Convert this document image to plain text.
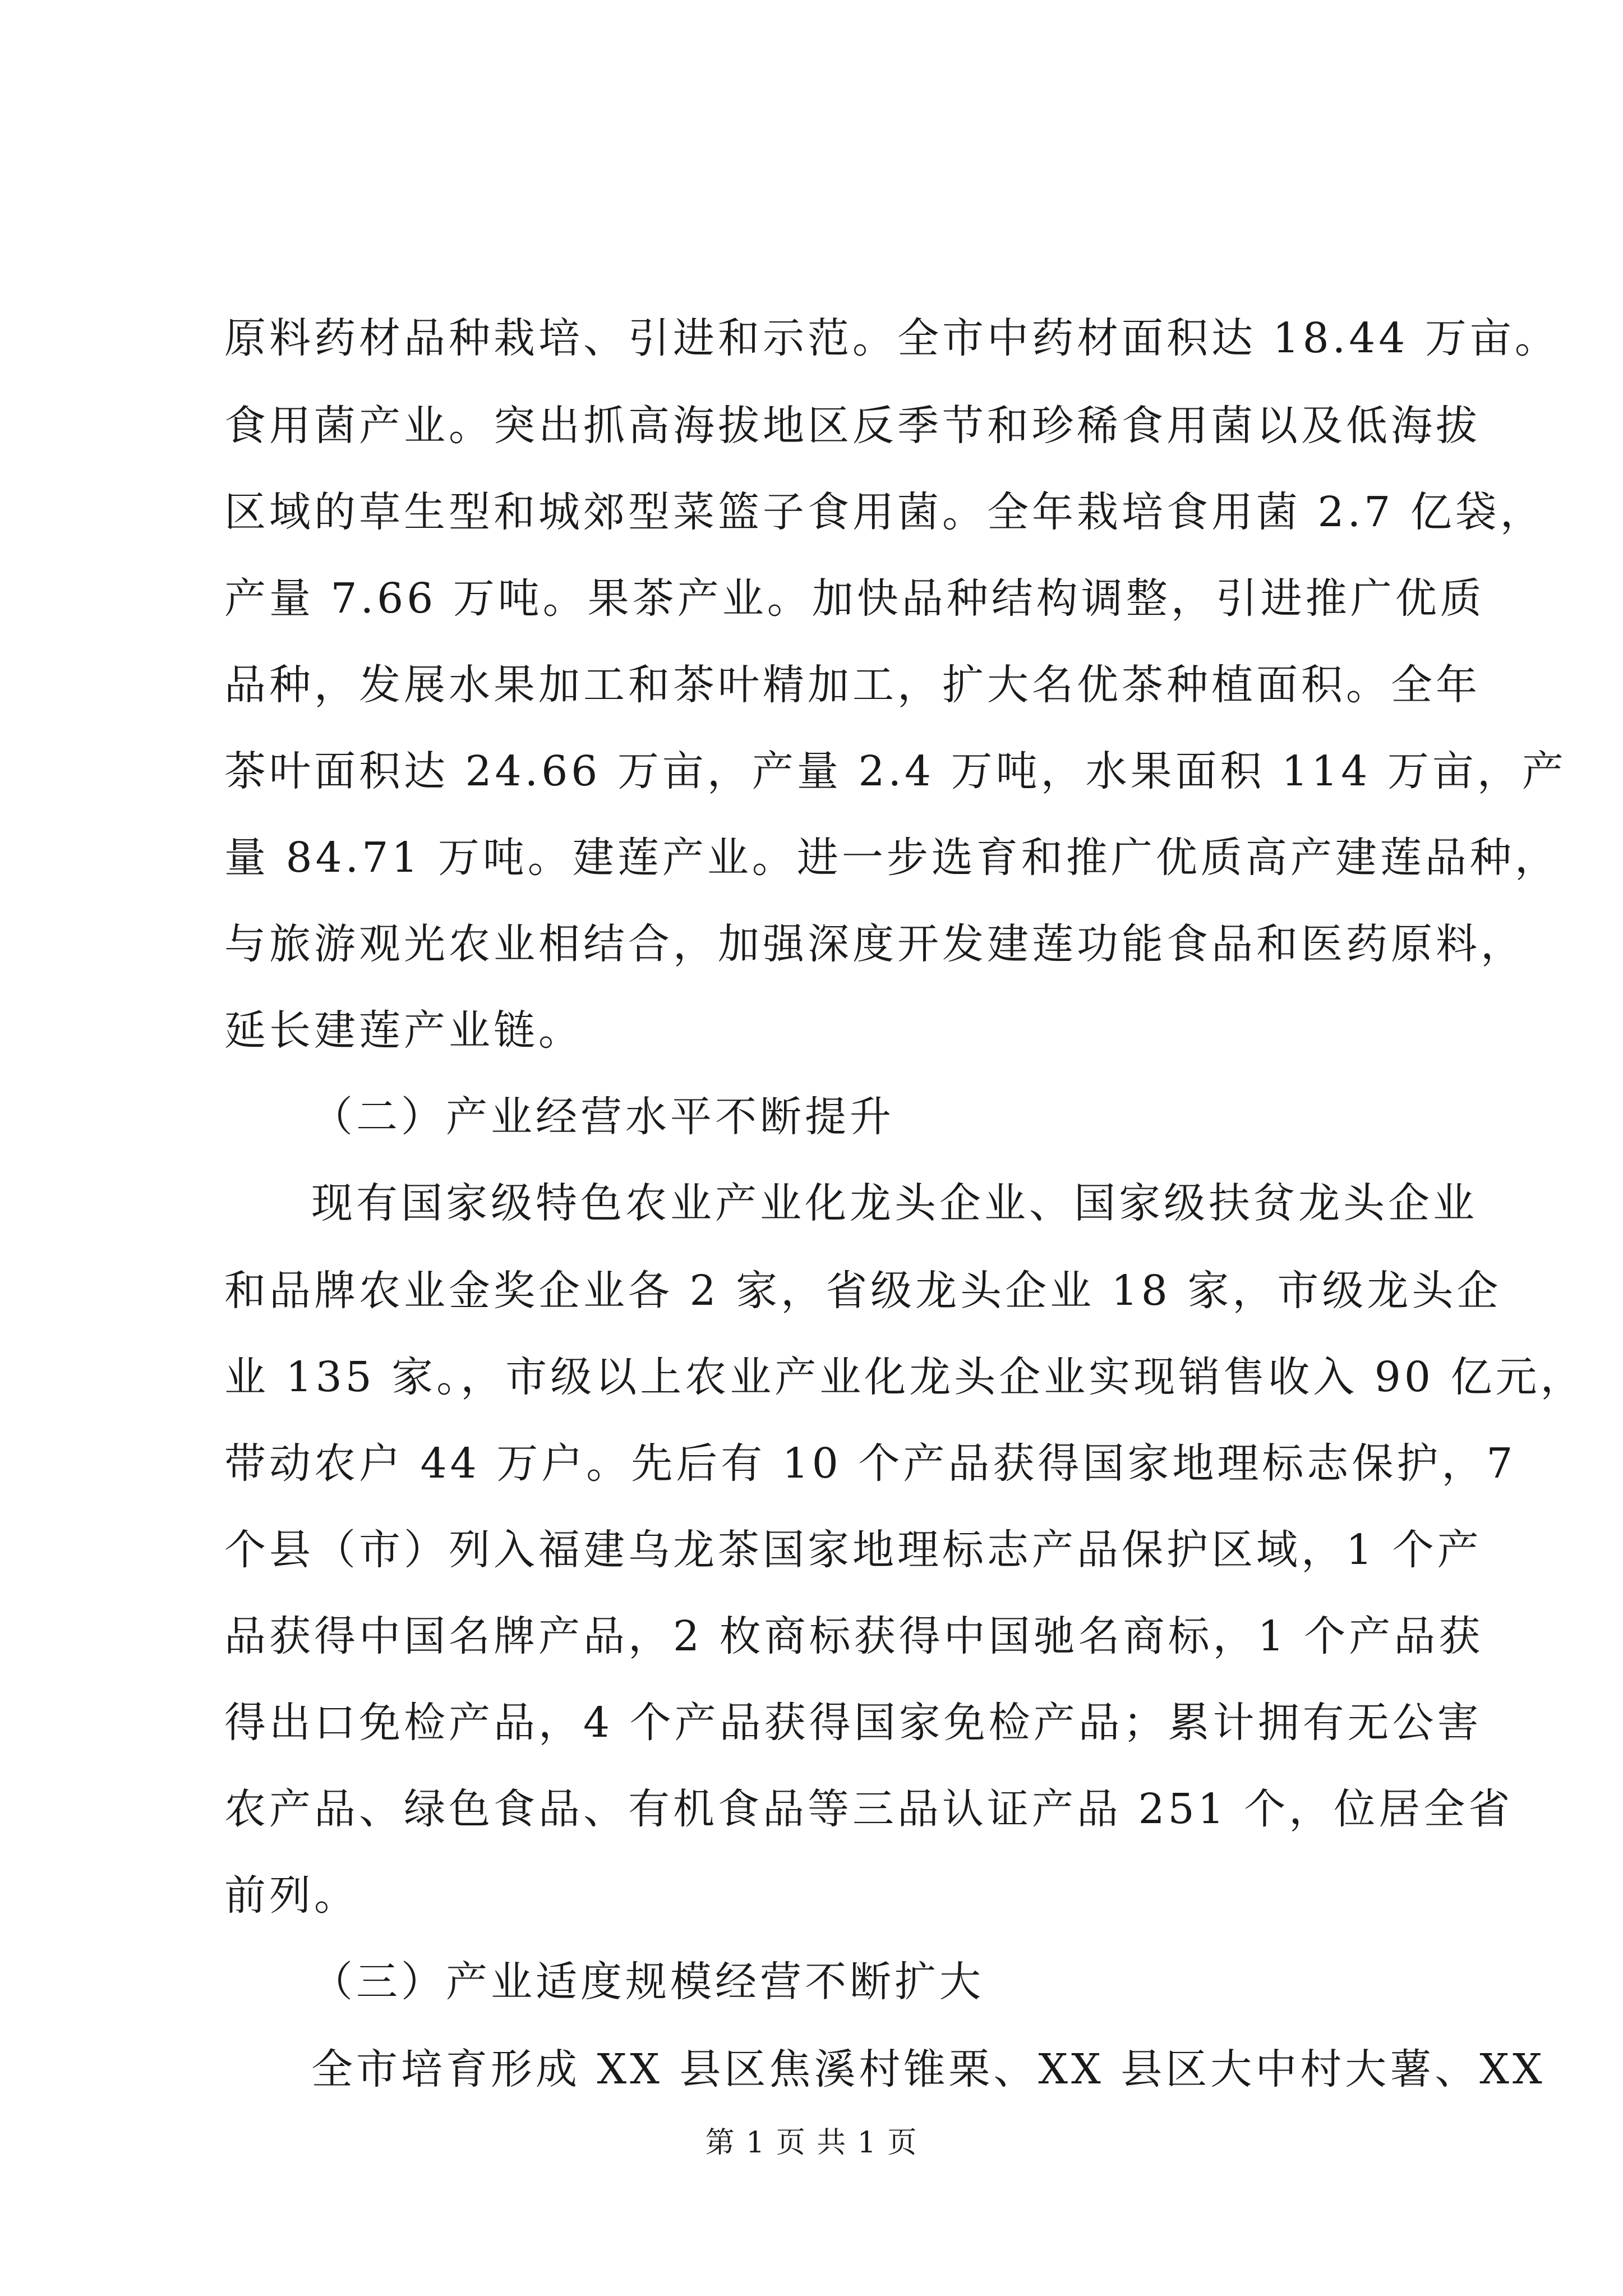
原料药材品种栽培、引进和示范。全市中药材面积达 18.44 万亩。
食用菌产业。突出抓高海拔地区反季节和珍稀食用菌以及低海拔
区域的草生型和城郊型菜篮子食用菌。全年栽培食用菌 2.7 亿袋，
产量 7.66 万吨。果茶产业。加快品种结构调整，引进推广优质
品种，发展水果加工和茶叶精加工，扩大名优茶种植面积。全年
茶叶面积达 24.66 万亩，产量 2.4 万吨，水果面积 114 万亩，产
量 84.71 万吨。建莲产业。进一步选育和推广优质高产建莲品种，
与旅游观光农业相结合，加强深度开发建莲功能食品和医药原料，
延长建莲产业链。
（二）产业经营水平不断提升
现有国家级特色农业产业化龙头企业、国家级扶贫龙头企业
和品牌农业金奖企业各 2 家，省级龙头企业 18 家，市级龙头企
业 135 家。，市级以上农业产业化龙头企业实现销售收入 90 亿元，
带动农户 44 万户。先后有 10 个产品获得国家地理标志保护，7
个县（市）列入福建乌龙茶国家地理标志产品保护区域，1 个产
品获得中国名牌产品，2 枚商标获得中国驰名商标，1 个产品获
得出口免检产品，4 个产品获得国家免检产品；累计拥有无公害
农产品、绿色食品、有机食品等三品认证产品 251 个，位居全省
前列。
（三）产业适度规模经营不断扩大
全市培育形成 XX 县区焦溪村锥栗、XX 县区大中村大薯、XX
第 1 页 共 1 页
